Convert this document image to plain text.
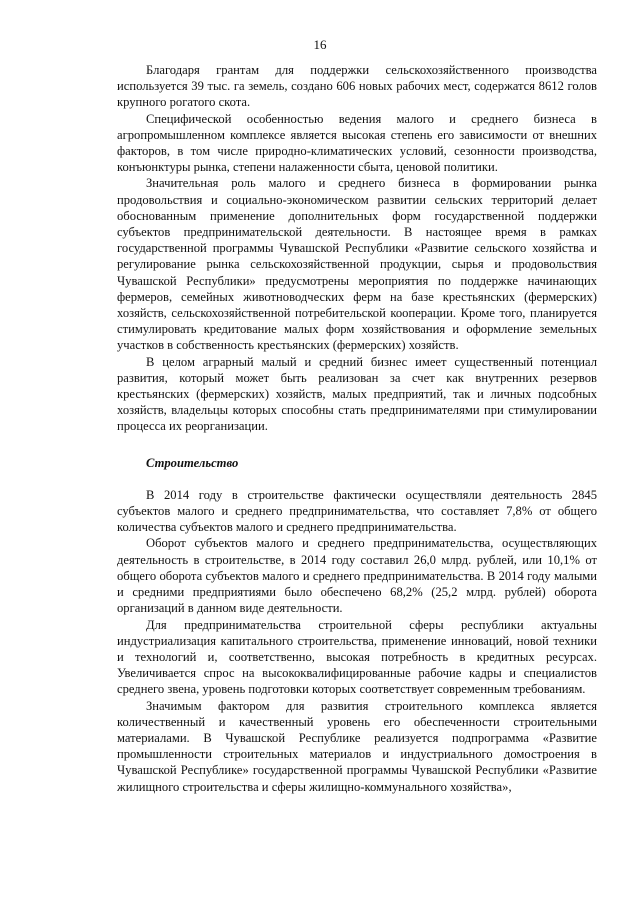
16

Благодаря грантам для поддержки сельскохозяйственного производства используется 39 тыс. га земель, создано 606 новых рабочих мест, содержатся 8612 голов крупного рогатого скота.

Специфической особенностью ведения малого и среднего бизнеса в агропромышленном комплексе является высокая степень его зависимости от внешних факторов, в том числе природно-климатических условий, сезонности производства, конъюнктуры рынка, степени налаженности сбыта, ценовой политики.

Значительная роль малого и среднего бизнеса в формировании рынка продовольствия и социально-экономическом развитии сельских территорий делает обоснованным применение дополнительных форм государственной поддержки субъектов предпринимательской деятельности. В настоящее время в рамках государственной программы Чувашской Республики «Развитие сельского хозяйства и регулирование рынка сельскохозяйственной продукции, сырья и продовольствия Чувашской Республики» предусмотрены мероприятия по поддержке начинающих фермеров, семейных животноводческих ферм на базе крестьянских (фермерских) хозяйств, сельскохозяйственной потребительской кооперации. Кроме того, планируется стимулировать кредитование малых форм хозяйствования и оформление земельных участков в собственность крестьянских (фермерских) хозяйств.

В целом аграрный малый и средний бизнес имеет существенный потенциал развития, который может быть реализован за счет как внутренних резервов крестьянских (фермерских) хозяйств, малых предприятий, так и личных подсобных хозяйств, владельцы которых способны стать предпринимателями при стимулировании процесса их реорганизации.

Строительство

В 2014 году в строительстве фактически осуществляли деятельность 2845 субъектов малого и среднего предпринимательства, что составляет 7,8% от общего количества субъектов малого и среднего предпринимательства.

Оборот субъектов малого и среднего предпринимательства, осуществляющих деятельность в строительстве, в 2014 году составил 26,0 млрд. рублей, или 10,1% от общего оборота субъектов малого и среднего предпринимательства. В 2014 году малыми и средними предприятиями было обеспечено 68,2% (25,2 млрд. рублей) оборота организаций в данном виде деятельности.

Для предпринимательства строительной сферы республики актуальны индустриализация капитального строительства, применение инноваций, новой техники и технологий и, соответственно, высокая потребность в кредитных ресурсах. Увеличивается спрос на высококвалифицированные рабочие кадры и специалистов среднего звена, уровень подготовки которых соответствует современным требованиям.

Значимым фактором для развития строительного комплекса является количественный и качественный уровень его обеспеченности строительными материалами. В Чувашской Республике реализуется подпрограмма «Развитие промышленности строительных материалов и индустриального домостроения в Чувашской Республике» государственной программы Чувашской Республики «Развитие жилищного строительства и сферы жилищно-коммунального хозяйства»,
